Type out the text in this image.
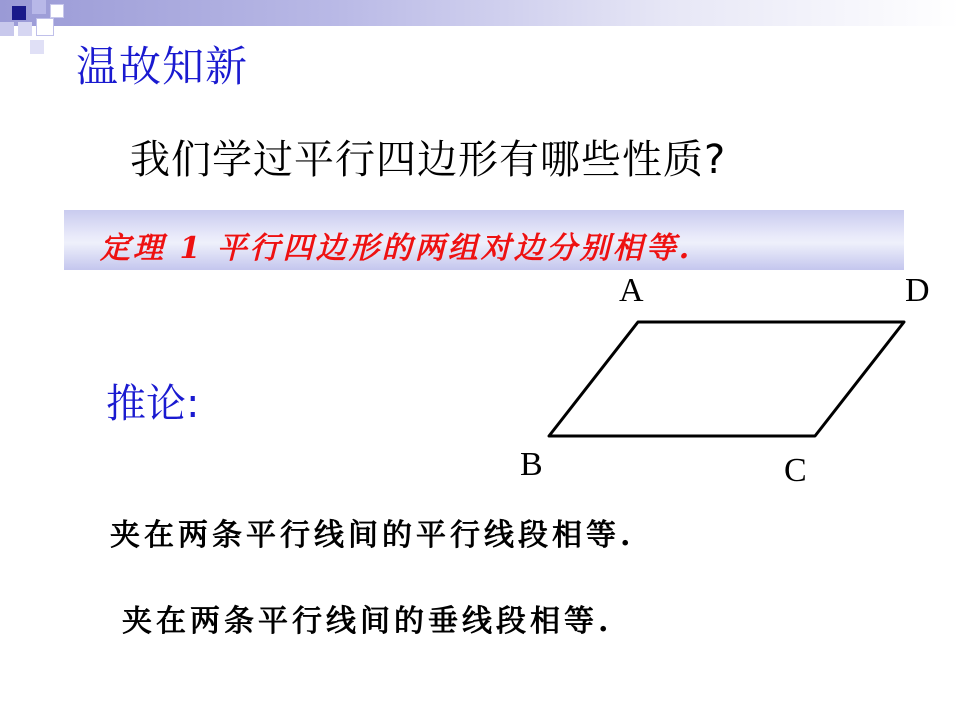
温故知新
我们学过平行四边形有哪些性质?
定理 1 平行四边形的两组对边分别相等.
推论:
A	D
B	C
夹在两条平行线间的平行线段相等.
夹在两条平行线间的垂线段相等.
